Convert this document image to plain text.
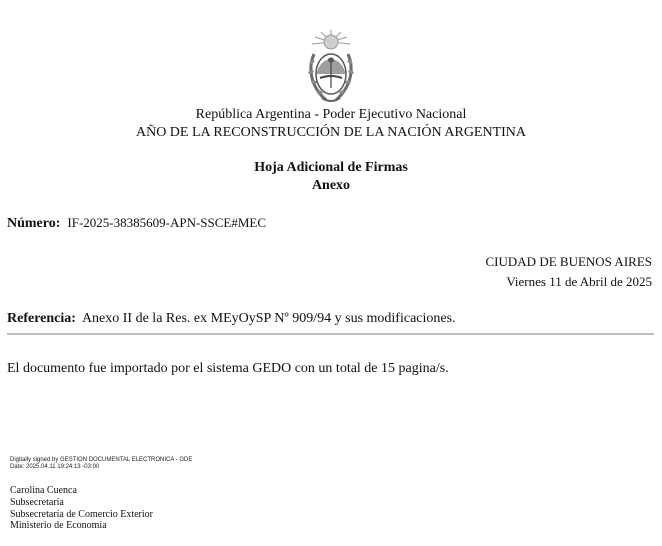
República Argentina - Poder Ejecutivo Nacional
AÑO DE LA RECONSTRUCCIÓN DE LA NACIÓN ARGENTINA
Hoja Adicional de Firmas
Anexo
Número: IF-2025-38385609-APN-SSCE#MEC
CIUDAD DE BUENOS AIRES
Viernes 11 de Abril de 2025
Referencia: Anexo II de la Res. ex MEyOySP Nº 909/94 y sus modificaciones.
El documento fue importado por el sistema GEDO con un total de 15 pagina/s.
Digitally signed by GESTION DOCUMENTAL ELECTRONICA - GDE
Date: 2025.04.11 19:24:13 -03:00
Carolina Cuenca
Subsecretaria
Subsecretaría de Comercio Exterior
Ministerio de Economía
